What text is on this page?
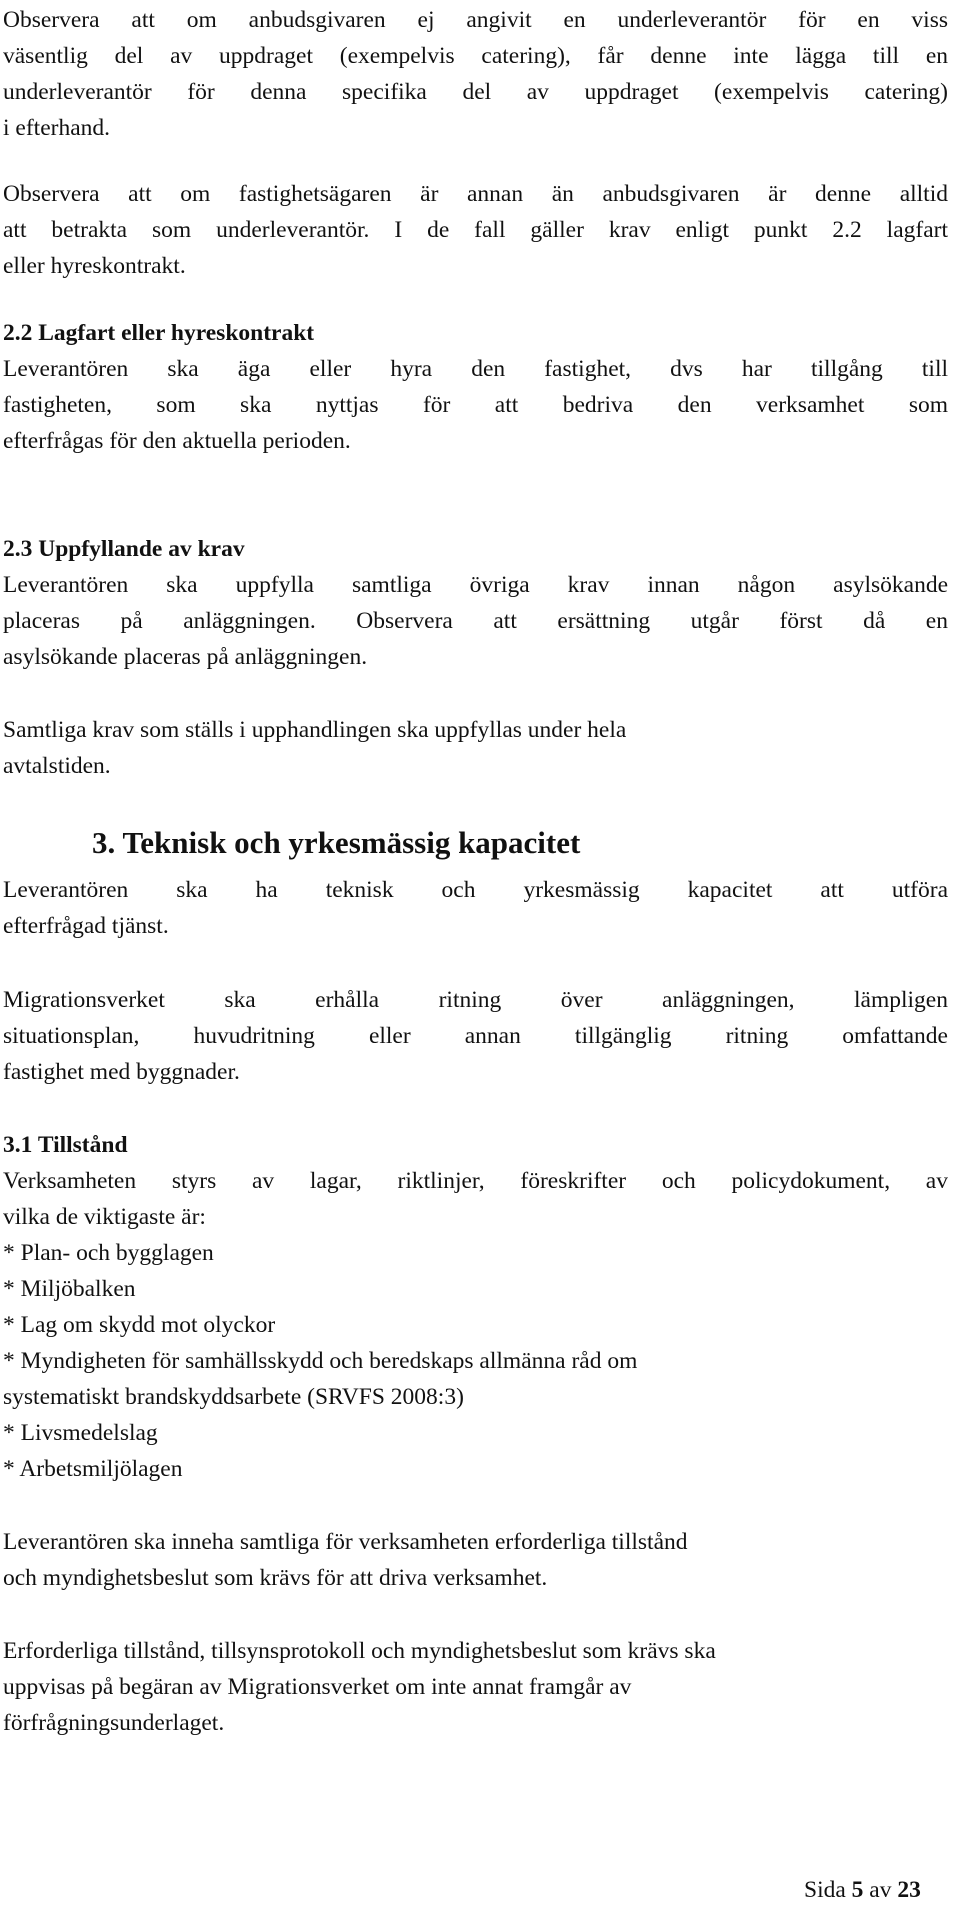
Observera att om anbudsgivaren ej angivit en underleverantör för en viss
väsentlig del av uppdraget (exempelvis catering), får denne inte lägga till en
underleverantör för denna specifika del av uppdraget (exempelvis catering)
i efterhand.
Observera att om fastighetsägaren är annan än anbudsgivaren är denne alltid
att betrakta som underleverantör. I de fall gäller krav enligt punkt 2.2 lagfart
eller hyreskontrakt.
2.2 Lagfart eller hyreskontrakt
Leverantören ska äga eller hyra den fastighet, dvs har tillgång till
fastigheten, som ska nyttjas för att bedriva den verksamhet som
efterfrågas för den aktuella perioden.
2.3 Uppfyllande av krav
Leverantören ska uppfylla samtliga övriga krav innan någon asylsökande
placeras på anläggningen. Observera att ersättning utgår först då en
asylsökande placeras på anläggningen.
Samtliga krav som ställs i upphandlingen ska uppfyllas under hela
avtalstiden.
3. Teknisk och yrkesmässig kapacitet
Leverantören ska ha teknisk och yrkesmässig kapacitet att utföra
efterfrågad tjänst.
Migrationsverket ska erhålla ritning över anläggningen, lämpligen
situationsplan, huvudritning eller annan tillgänglig ritning omfattande
fastighet med byggnader.
3.1 Tillstånd
Verksamheten styrs av lagar, riktlinjer, föreskrifter och policydokument, av
vilka de viktigaste är:
* Plan- och bygglagen
* Miljöbalken
* Lag om skydd mot olyckor
* Myndigheten för samhällsskydd och beredskaps allmänna råd om
systematiskt brandskyddsarbete (SRVFS 2008:3)
* Livsmedelslag
* Arbetsmiljölagen
Leverantören ska inneha samtliga för verksamheten erforderliga tillstånd
och myndighetsbeslut som krävs för att driva verksamhet.
Erforderliga tillstånd, tillsynsprotokoll och myndighetsbeslut som krävs ska
uppvisas på begäran av Migrationsverket om inte annat framgår av
förfrågningsunderlaget.
Sida 5 av 23
